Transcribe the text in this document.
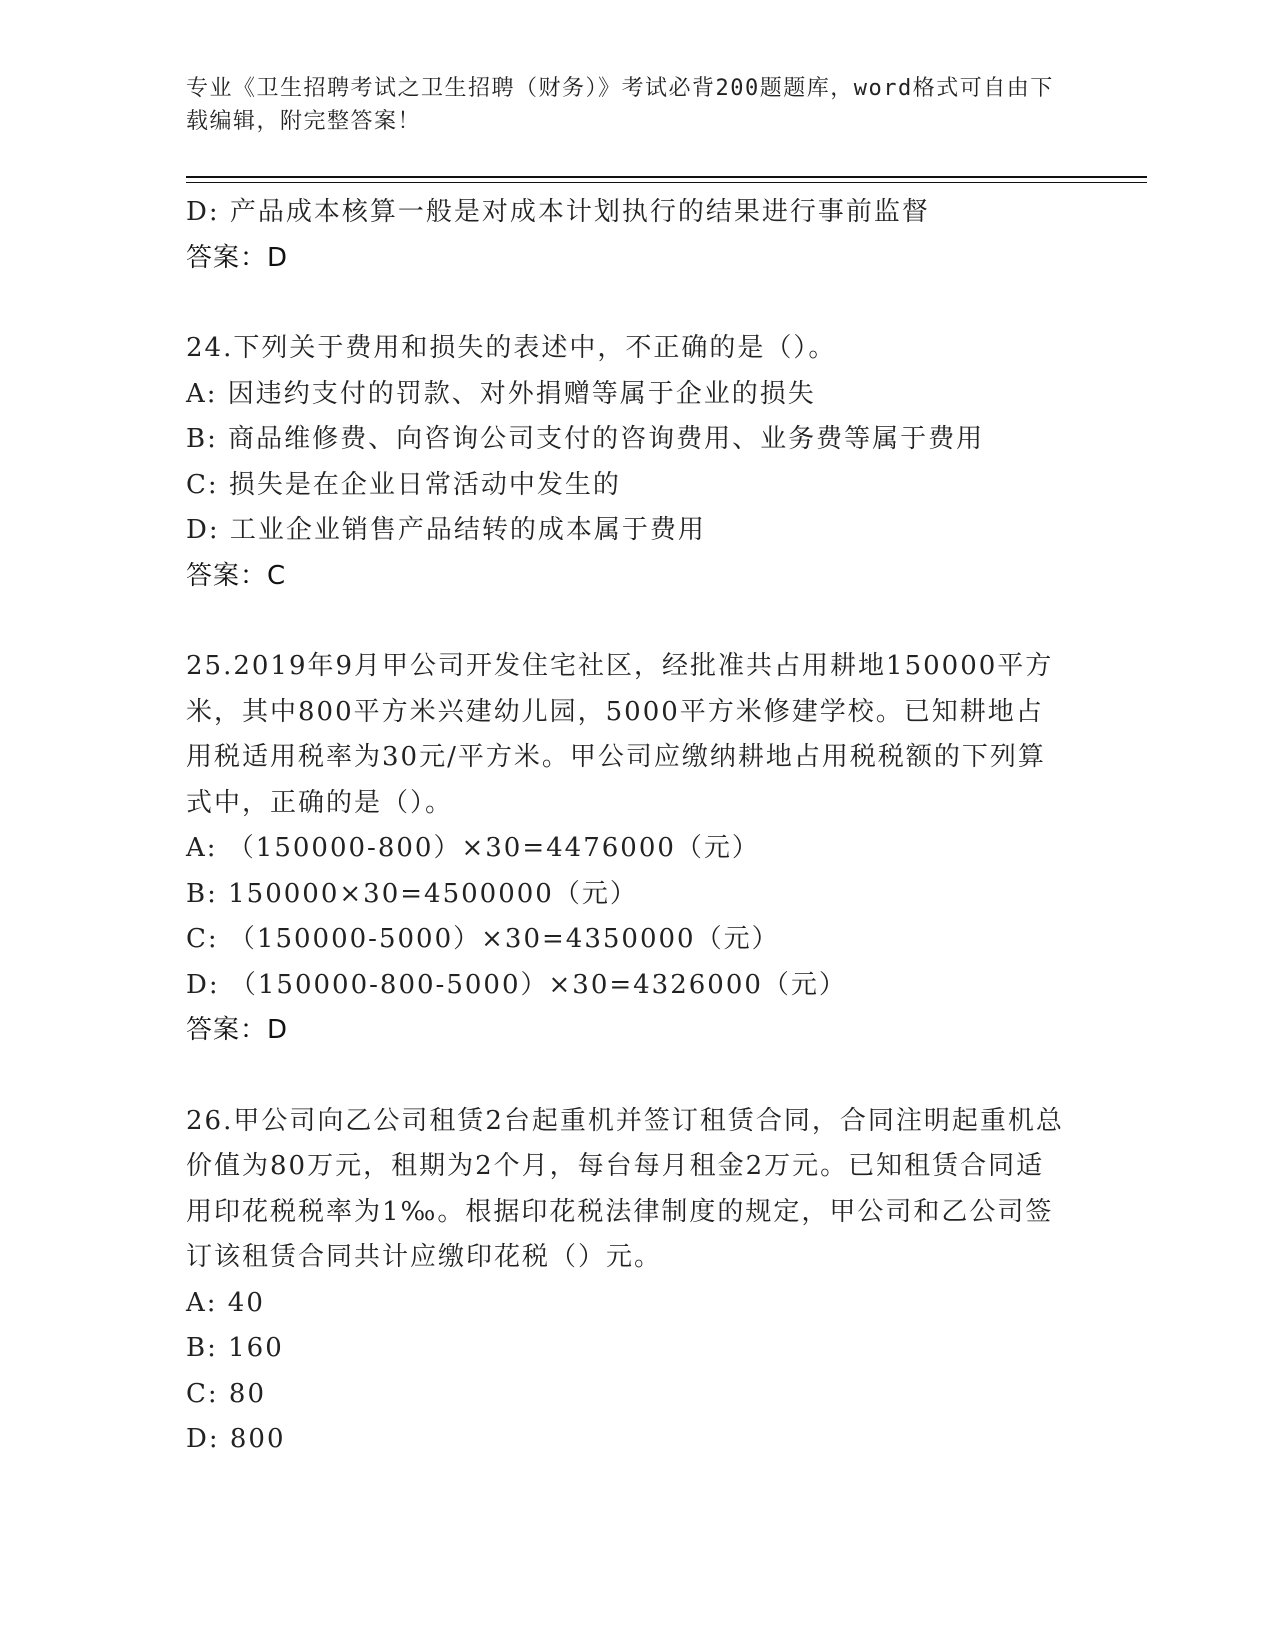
专业《卫生招聘考试之卫生招聘（财务）》考试必背200题题库，word格式可自由下载编辑，附完整答案！
D: 产品成本核算一般是对成本计划执行的结果进行事前监督
答案：D
24.下列关于费用和损失的表述中，不正确的是（）。
A: 因违约支付的罚款、对外捐赠等属于企业的损失
B: 商品维修费、向咨询公司支付的咨询费用、业务费等属于费用
C: 损失是在企业日常活动中发生的
D: 工业企业销售产品结转的成本属于费用
答案：C
25.2019年9月甲公司开发住宅社区，经批准共占用耕地150000平方米，其中800平方米兴建幼儿园，5000平方米修建学校。已知耕地占用税适用税率为30元/平方米。甲公司应缴纳耕地占用税税额的下列算式中，正确的是（）。
A: （150000-800）×30=4476000（元）
B: 150000×30=4500000（元）
C: （150000-5000）×30=4350000（元）
D: （150000-800-5000）×30=4326000（元）
答案：D
26.甲公司向乙公司租赁2台起重机并签订租赁合同，合同注明起重机总价值为80万元，租期为2个月，每台每月租金2万元。已知租赁合同适用印花税税率为1‰。根据印花税法律制度的规定，甲公司和乙公司签订该租赁合同共计应缴印花税（）元。
A: 40
B: 160
C: 80
D: 800
